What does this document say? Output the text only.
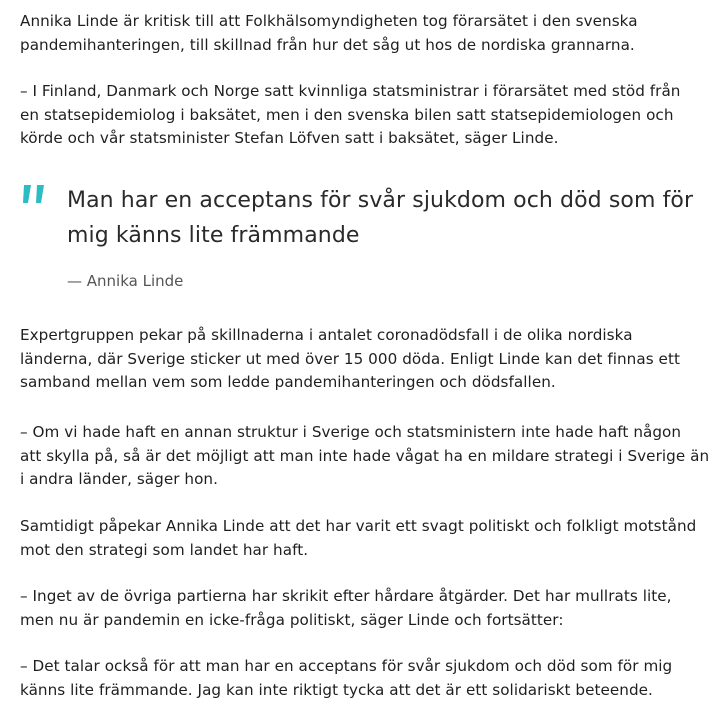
Annika Linde är kritisk till att Folkhälsomyndigheten tog förarsätet i den svenska
pandemihanteringen, till skillnad från hur det såg ut hos de nordiska grannarna.

– I Finland, Danmark och Norge satt kvinnliga statsministrar i förarsätet med stöd från
en statsepidemiolog i baksätet, men i den svenska bilen satt statsepidemiologen och
körde och vår statsminister Stefan Löfven satt i baksätet, säger Linde.

Man har en acceptans för svår sjukdom och död som för
mig känns lite främmande

— Annika Linde

Expertgruppen pekar på skillnaderna i antalet coronadödsfall i de olika nordiska
länderna, där Sverige sticker ut med över 15 000 döda. Enligt Linde kan det finnas ett
samband mellan vem som ledde pandemihanteringen och dödsfallen.

– Om vi hade haft en annan struktur i Sverige och statsministern inte hade haft någon
att skylla på, så är det möjligt att man inte hade vågat ha en mildare strategi i Sverige än
i andra länder, säger hon.

Samtidigt påpekar Annika Linde att det har varit ett svagt politiskt och folkligt motstånd
mot den strategi som landet har haft.

– Inget av de övriga partierna har skrikit efter hårdare åtgärder. Det har mullrats lite,
men nu är pandemin en icke-fråga politiskt, säger Linde och fortsätter:

– Det talar också för att man har en acceptans för svår sjukdom och död som för mig
känns lite främmande. Jag kan inte riktigt tycka att det är ett solidariskt beteende.
